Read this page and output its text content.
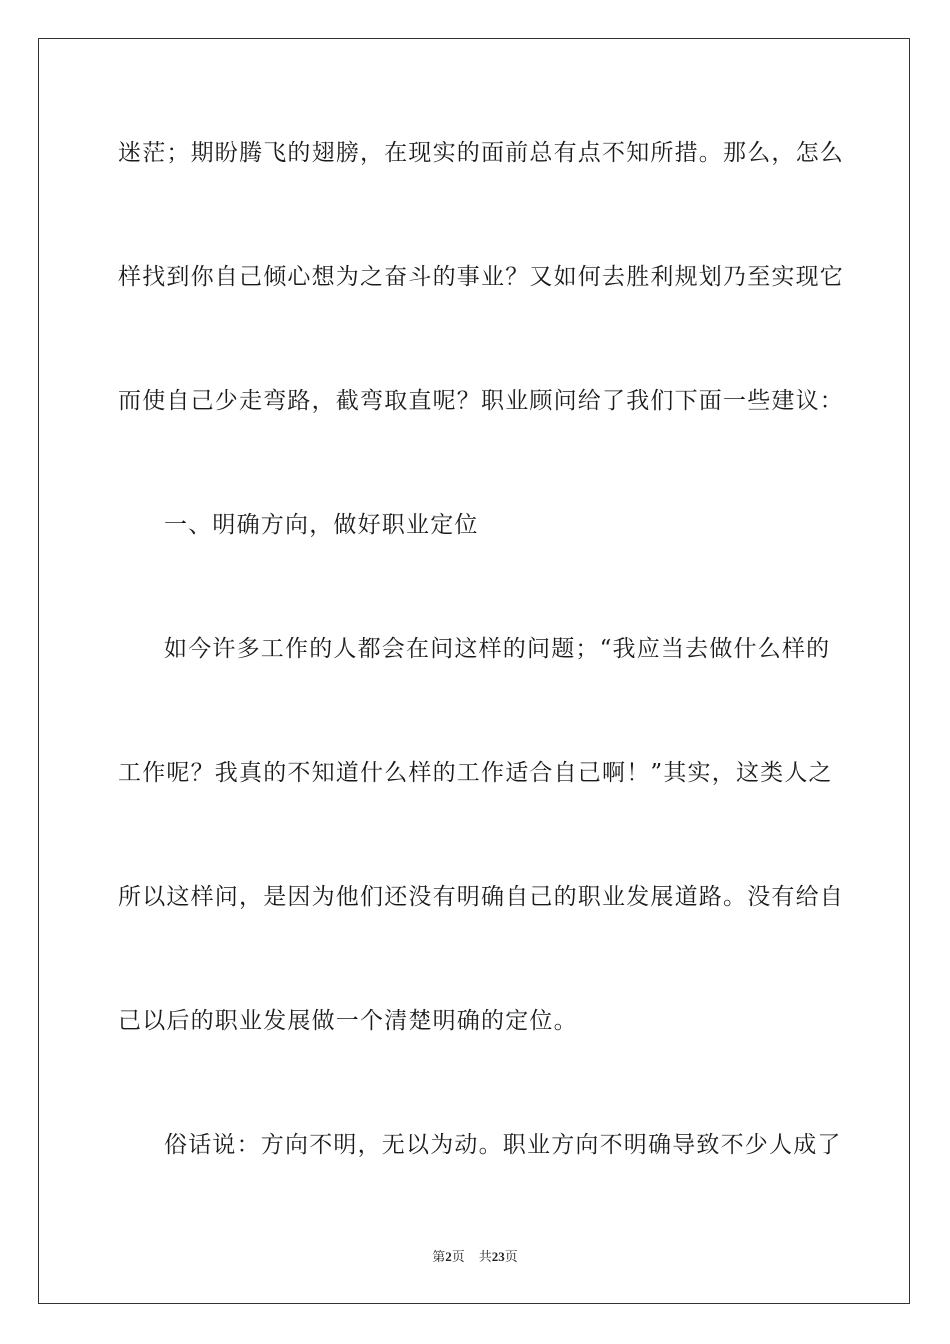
迷茫；期盼腾飞的翅膀，在现实的面前总有点不知所措。那么，怎么
样找到你自己倾心想为之奋斗的事业？又如何去胜利规划乃至实现它
而使自己少走弯路，截弯取直呢？职业顾问给了我们下面一些建议：
一、明确方向，做好职业定位
如今许多工作的人都会在问这样的问题；“我应当去做什么样的
工作呢？我真的不知道什么样的工作适合自己啊！”其实，这类人之
所以这样问，是因为他们还没有明确自己的职业发展道路。没有给自
己以后的职业发展做一个清楚明确的定位。
俗话说：方向不明，无以为动。职业方向不明确导致不少人成了
第2页 共23页
